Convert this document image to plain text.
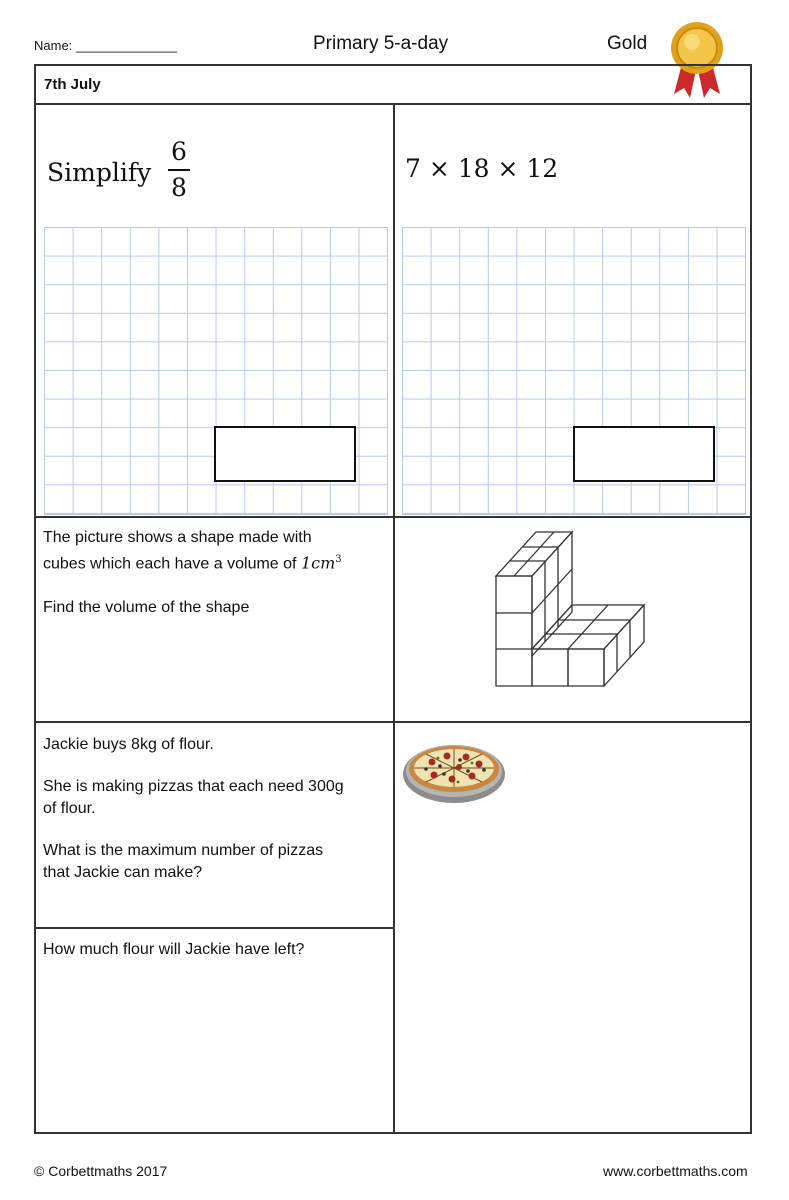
Name: ______________	Primary 5-a-day	Gold
7th July
Simplify
6
8
7 × 18 × 12

The picture shows a shape made with

cubes which each have a volume of $1cm^3$

Find the volume of the shape

Jackie buys 8kg of flour.

She is making pizzas that each need 300g

of flour.

What is the maximum number of pizzas

that Jackie can make?

How much flour will Jackie have left?

© Corbettmaths 2017	www.corbettmaths.com
